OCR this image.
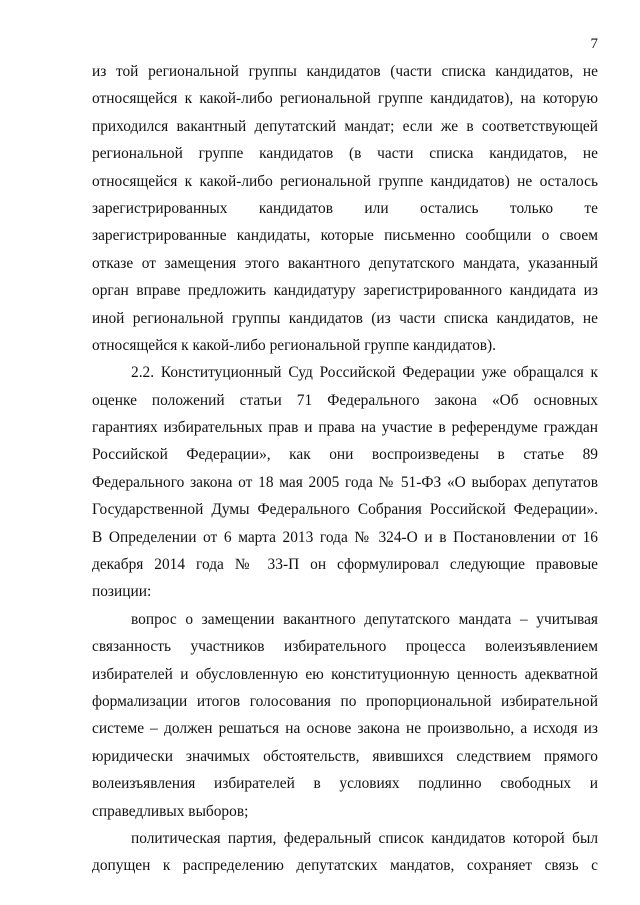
7
из той региональной группы кандидатов (части списка кандидатов, не
относящейся к какой-либо региональной группе кандидатов), на которую
приходился вакантный депутатский мандат; если же в соответствующей
региональной группе кандидатов (в части списка кандидатов, не
относящейся к какой-либо региональной группе кандидатов) не осталось
зарегистрированных кандидатов или остались только те
зарегистрированные кандидаты, которые письменно сообщили о своем
отказе от замещения этого вакантного депутатского мандата, указанный
орган вправе предложить кандидатуру зарегистрированного кандидата из
иной региональной группы кандидатов (из части списка кандидатов, не
относящейся к какой-либо региональной группе кандидатов).
2.2. Конституционный Суд Российской Федерации уже обращался к
оценке положений статьи 71 Федерального закона «Об основных
гарантиях избирательных прав и права на участие в референдуме граждан
Российской Федерации», как они воспроизведены в статье 89
Федерального закона от 18 мая 2005 года № 51-ФЗ «О выборах депутатов
Государственной Думы Федерального Собрания Российской Федерации».
В Определении от 6 марта 2013 года № 324-О и в Постановлении от 16
декабря 2014 года № 33-П он сформулировал следующие правовые
позиции:
вопрос о замещении вакантного депутатского мандата – учитывая
связанность участников избирательного процесса волеизъявлением
избирателей и обусловленную ею конституционную ценность адекватной
формализации итогов голосования по пропорциональной избирательной
системе – должен решаться на основе закона не произвольно, а исходя из
юридически значимых обстоятельств, явившихся следствием прямого
волеизъявления избирателей в условиях подлинно свободных и
справедливых выборов;
политическая партия, федеральный список кандидатов которой был
допущен к распределению депутатских мандатов, сохраняет связь с
